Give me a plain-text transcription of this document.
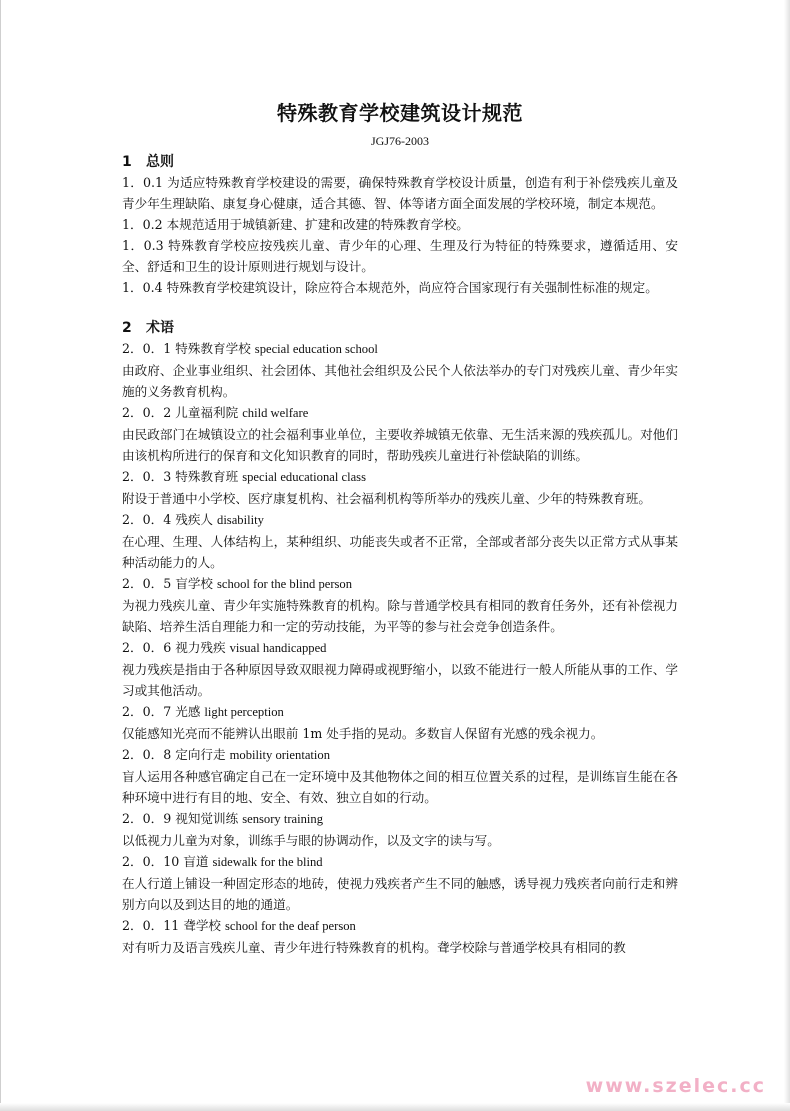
特殊教育学校建筑设计规范
JGJ76-2003
1 总则

1．0.1 为适应特殊教育学校建设的需要，确保特殊教育学校设计质量，创造有利于补偿残疾儿童及青少年生理缺陷、康复身心健康，适合其德、智、体等诸方面全面发展的学校环境，制定本规范。

1．0.2 本规范适用于城镇新建、扩建和改建的特殊教育学校。

1．0.3 特殊教育学校应按残疾儿童、青少年的心理、生理及行为特征的特殊要求，遵循适用、安全、舒适和卫生的设计原则进行规划与设计。

1．0.4 特殊教育学校建筑设计，除应符合本规范外，尚应符合国家现行有关强制性标准的规定。

2 术语

2．0．1 特殊教育学校 special education school

由政府、企业事业组织、社会团体、其他社会组织及公民个人依法举办的专门对残疾儿童、青少年实施的义务教育机构。

2．0．2 儿童福利院 child welfare

由民政部门在城镇设立的社会福利事业单位，主要收养城镇无依靠、无生活来源的残疾孤儿。对他们由该机构所进行的保育和文化知识教育的同时，帮助残疾儿童进行补偿缺陷的训练。

2．0．3 特殊教育班 special educational class

附设于普通中小学校、医疗康复机构、社会福利机构等所举办的残疾儿童、少年的特殊教育班。

2．0．4 残疾人 disability

在心理、生理、人体结构上，某种组织、功能丧失或者不正常，全部或者部分丧失以正常方式从事某种活动能力的人。

2．0．5 盲学校 school for the blind person

为视力残疾儿童、青少年实施特殊教育的机构。除与普通学校具有相同的教育任务外，还有补偿视力缺陷、培养生活自理能力和一定的劳动技能，为平等的参与社会竞争创造条件。

2．0．6 视力残疾 visual handicapped

视力残疾是指由于各种原因导致双眼视力障碍或视野缩小，以致不能进行一般人所能从事的工作、学习或其他活动。

2．0．7 光感 light perception

仅能感知光亮而不能辨认出眼前 1m 处手指的晃动。多数盲人保留有光感的残余视力。

2．0．8 定向行走 mobility orientation

盲人运用各种感官确定自己在一定环境中及其他物体之间的相互位置关系的过程，是训练盲生能在各种环境中进行有目的地、安全、有效、独立自如的行动。

2．0．9 视知觉训练 sensory training

以低视力儿童为对象，训练手与眼的协调动作，以及文字的读与写。

2．0．10 盲道 sidewalk for the blind

在人行道上铺设一种固定形态的地砖，使视力残疾者产生不同的触感，诱导视力残疾者向前行走和辨别方向以及到达目的地的通道。

2．0．11 聋学校 school for the deaf person

对有听力及语言残疾儿童、青少年进行特殊教育的机构。聋学校除与普通学校具有相同的教

www.szelec.cc
